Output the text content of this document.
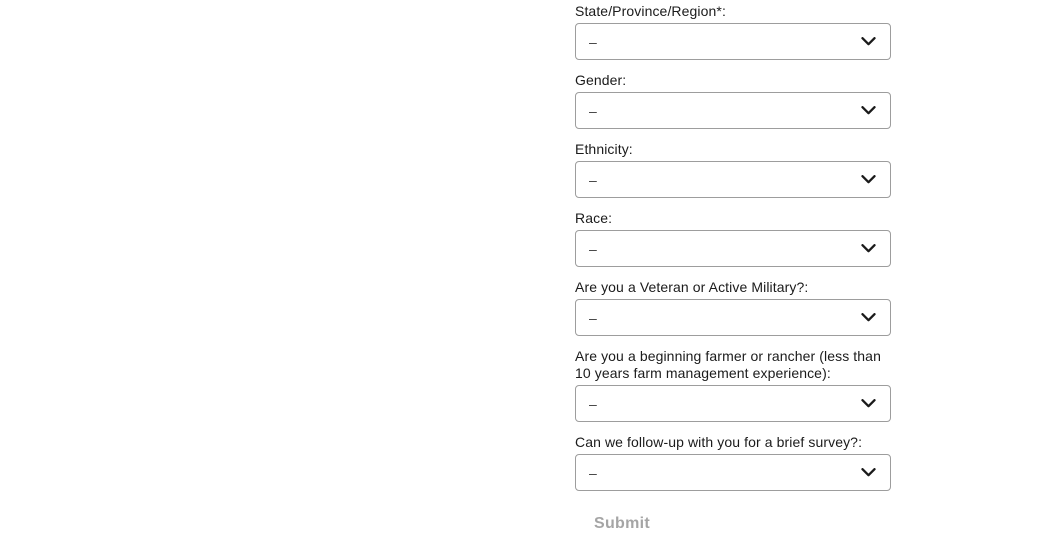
State/Province/Region*:
–
Gender:
–
Ethnicity:
–
Race:
–
Are you a Veteran or Active Military?:
–
Are you a beginning farmer or rancher (less than 10 years farm management experience):
–
Can we follow-up with you for a brief survey?:
–
Submit
